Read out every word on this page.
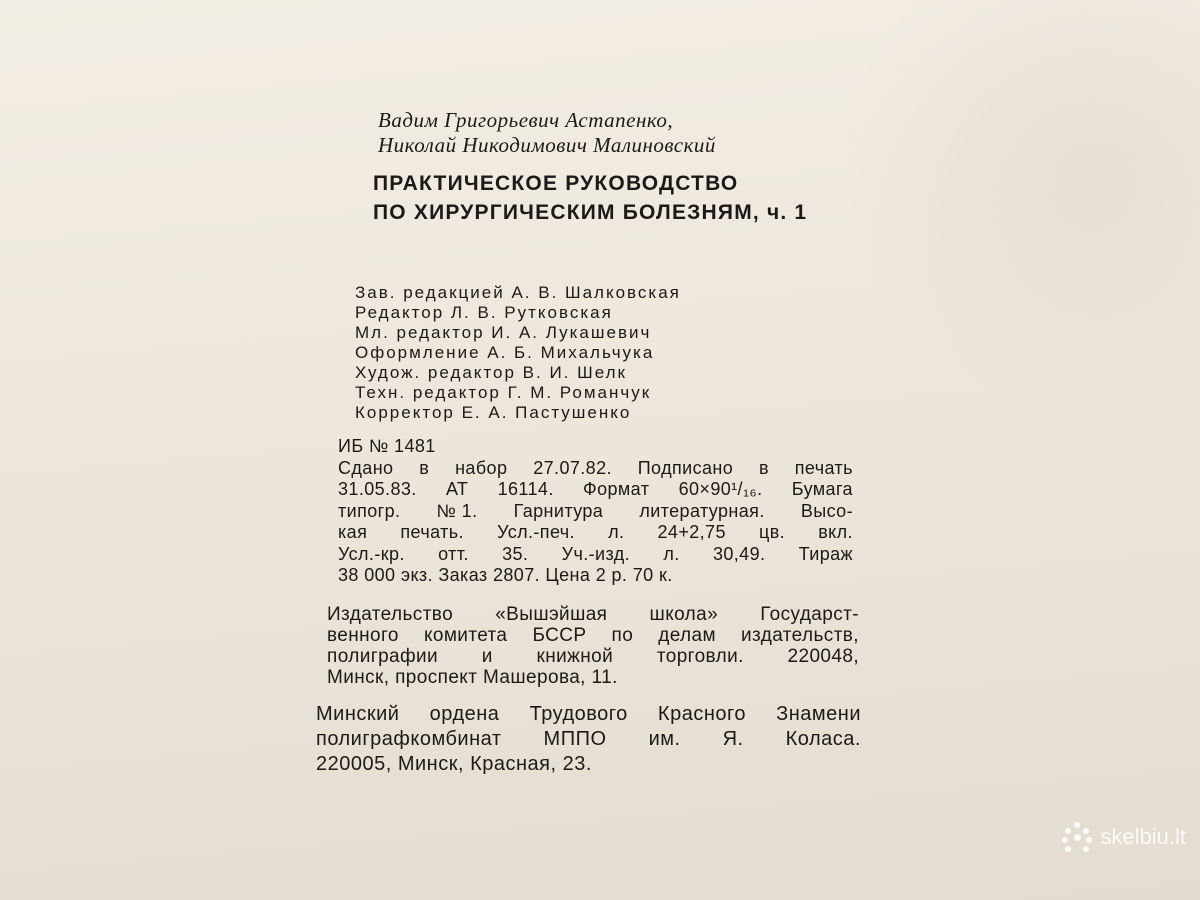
Вадим Григорьевич Астапенко,
Николай Никодимович Малиновский
ПРАКТИЧЕСКОЕ РУКОВОДСТВО
ПО ХИРУРГИЧЕСКИМ БОЛЕЗНЯМ, ч. 1
Зав. редакцией А. В. Шалковская
Редактор Л. В. Рутковская
Мл. редактор И. А. Лукашевич
Оформление А. Б. Михальчука
Худож. редактор В. И. Шелк
Техн. редактор Г. М. Романчук
Корректор Е. А. Пастушенко
ИБ № 1481
Сдано в набор 27.07.82. Подписано в печать
31.05.83. АТ 16114. Формат 60×90¹/₁₆. Бумага
типогр. № 1. Гарнитура литературная. Высо-
кая печать. Усл.-печ. л. 24+2,75 цв. вкл.
Усл.-кр. отт. 35. Уч.-изд. л. 30,49. Тираж
38 000 экз. Заказ 2807. Цена 2 р. 70 к.
Издательство «Вышэйшая школа» Государст-
венного комитета БССР по делам издательств,
полиграфии и книжной торговли. 220048,
Минск, проспект Машерова, 11.
Минский ордена Трудового Красного Знамени
полиграфкомбинат МППО им. Я. Коласа.
220005, Минск, Красная, 23.
skelbiu.lt
